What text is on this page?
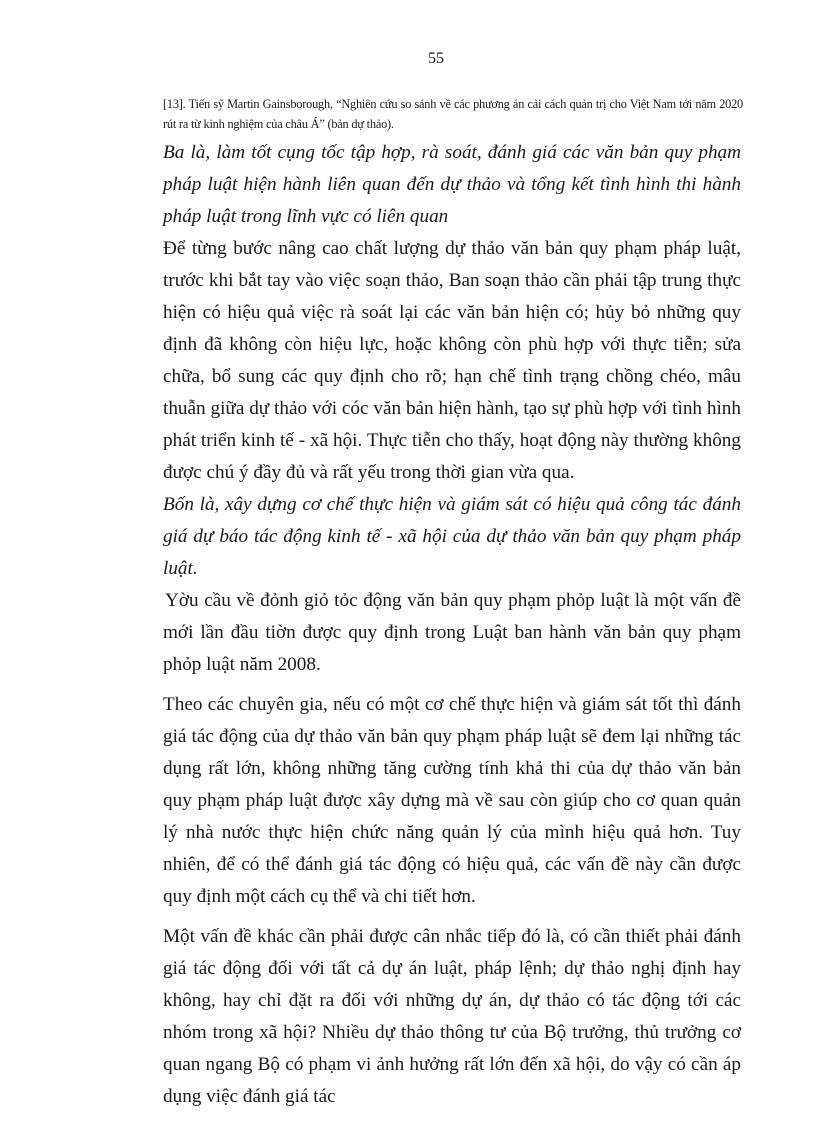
55
[13]. Tiến sỹ Martin Gainsborough, “Nghiên cứu so sánh về các phương án cải cách quản trị cho Việt Nam tới năm 2020 rút ra từ kinh nghiệm của châu Á” (bản dự thảo).

Ba là, làm tốt cụng tốc tập hợp, rà soát, đánh giá các văn bản quy phạm pháp luật hiện hành liên quan đến dự thảo và tổng kết tình hình thi hành pháp luật trong lĩnh vực có liên quan

Để từng bước nâng cao chất lượng dự thảo văn bản quy phạm pháp luật, trước khi bắt tay vào việc soạn thảo, Ban soạn thảo cần phải tập trung thực hiện có hiệu quả việc rà soát lại các văn bản hiện có; hủy bỏ những quy định đã không còn hiệu lực, hoặc không còn phù hợp với thực tiễn; sửa chữa, bổ sung các quy định cho rõ; hạn chế tình trạng chồng chéo, mâu thuẫn giữa dự thảo với cóc văn bản hiện hành, tạo sự phù hợp với tình hình phát triển kinh tế - xã hội. Thực tiễn cho thấy, hoạt động này thường không được chú ý đầy đủ và rất yếu trong thời gian vừa qua.

Bốn là, xây dựng cơ chế thực hiện và giám sát có hiệu quả công tác đánh giá dự báo tác động kinh tế - xã hội của dự thảo văn bản quy phạm pháp luật.

Yờu cầu về đỏnh giỏ tỏc động văn bản quy phạm phỏp luật là một vấn đề mới lần đầu tiờn được quy định trong Luật ban hành văn bản quy phạm phỏp luật năm 2008.

Theo các chuyên gia, nếu có một cơ chế thực hiện và giám sát tốt thì đánh giá tác động của dự thảo văn bản quy phạm pháp luật sẽ đem lại những tác dụng rất lớn, không những tăng cường tính khả thi của dự thảo văn bản quy phạm pháp luật được xây dựng mà về sau còn giúp cho cơ quan quản lý nhà nước thực hiện chức năng quản lý của mình hiệu quả hơn. Tuy nhiên, để có thể đánh giá tác động có hiệu quả, các vấn đề này cần được quy định một cách cụ thể và chi tiết hơn.

Một vấn đề khác cần phải được cân nhắc tiếp đó là, có cần thiết phải đánh giá tác động đối với tất cả dự án luật, pháp lệnh; dự thảo nghị định hay không, hay chỉ đặt ra đối với những dự án, dự thảo có tác động tới các nhóm trong xã hội? Nhiều dự thảo thông tư của Bộ trưởng, thủ trưởng cơ quan ngang Bộ có phạm vi ảnh hưởng rất lớn đến xã hội, do vậy có cần áp dụng việc đánh giá tác
